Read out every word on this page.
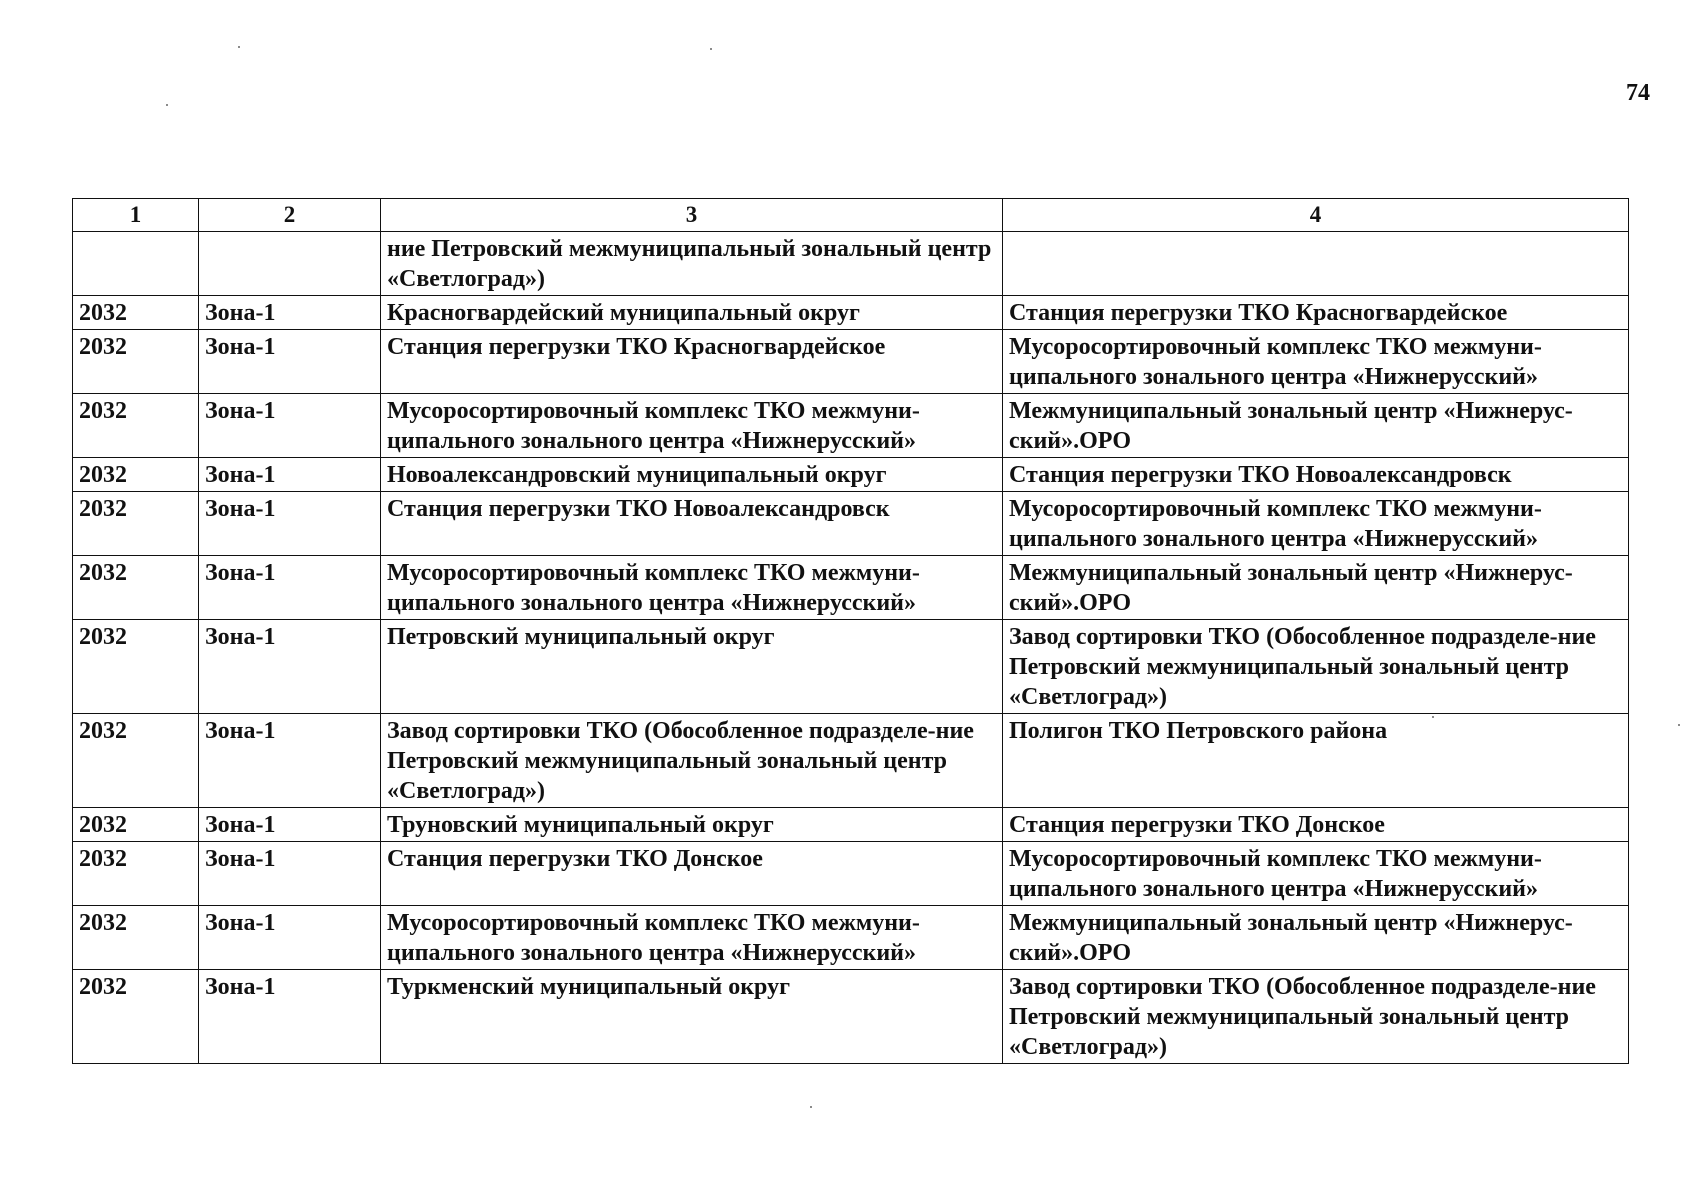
74
1	2	3	4
		ние Петровский межмуниципальный зональный центр «Светлоград»)	
2032	Зона-1	Красногвардейский муниципальный округ	Станция перегрузки ТКО Красногвардейское
2032	Зона-1	Станция перегрузки ТКО Красногвардейское	Мусоросортировочный комплекс ТКО межмуни-ципального зонального центра «Нижнерусский»
2032	Зона-1	Мусоросортировочный комплекс ТКО межмуни-ципального зонального центра «Нижнерусский»	Межмуниципальный зональный центр «Нижнерус-ский».ОРО
2032	Зона-1	Новоалександровский муниципальный округ	Станция перегрузки ТКО Новоалександровск
2032	Зона-1	Станция перегрузки ТКО Новоалександровск	Мусоросортировочный комплекс ТКО межмуни-ципального зонального центра «Нижнерусский»
2032	Зона-1	Мусоросортировочный комплекс ТКО межмуни-ципального зонального центра «Нижнерусский»	Межмуниципальный зональный центр «Нижнерус-ский».ОРО
2032	Зона-1	Петровский муниципальный округ	Завод сортировки ТКО (Обособленное подразделе-ние Петровский межмуниципальный зональный центр «Светлоград»)
2032	Зона-1	Завод сортировки ТКО (Обособленное подразделе-ние Петровский межмуниципальный зональный центр «Светлоград»)	Полигон ТКО Петровского района
2032	Зона-1	Труновский муниципальный округ	Станция перегрузки ТКО Донское
2032	Зона-1	Станция перегрузки ТКО Донское	Мусоросортировочный комплекс ТКО межмуни-ципального зонального центра «Нижнерусский»
2032	Зона-1	Мусоросортировочный комплекс ТКО межмуни-ципального зонального центра «Нижнерусский»	Межмуниципальный зональный центр «Нижнерус-ский».ОРО
2032	Зона-1	Туркменский муниципальный округ	Завод сортировки ТКО (Обособленное подразделе-ние Петровский межмуниципальный зональный центр «Светлоград»)
